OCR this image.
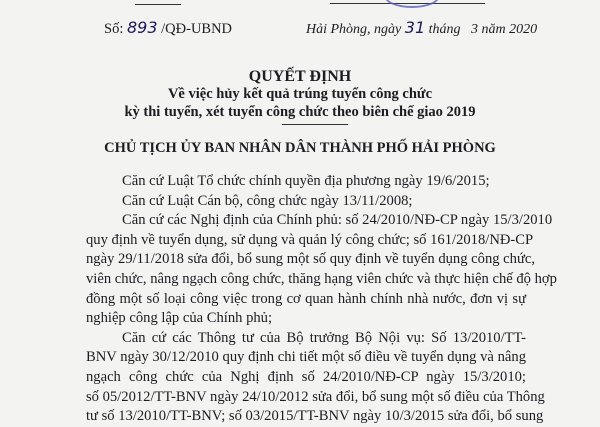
Số: 893 /QĐ-UBND	Hải Phòng, ngày 31 tháng   3 năm 2020
QUYẾT ĐỊNH
Về việc hủy kết quả trúng tuyển công chức
kỳ thi tuyển, xét tuyển công chức theo biên chế giao 2019
CHỦ TỊCH ỦY BAN NHÂN DÂN THÀNH PHỐ HẢI PHÒNG
Căn cứ Luật Tổ chức chính quyền địa phương ngày 19/6/2015;
Căn cứ Luật Cán bộ, công chức ngày 13/11/2008;
Căn cứ các Nghị định của Chính phủ: số 24/2010/NĐ-CP ngày 15/3/2010
quy định về tuyển dụng, sử dụng và quản lý công chức; số 161/2018/NĐ-CP
ngày 29/11/2018 sửa đổi, bổ sung một số quy định về tuyển dụng công chức,
viên chức, nâng ngạch công chức, thăng hạng viên chức và thực hiện chế độ hợp
đồng một số loại công việc trong cơ quan hành chính nhà nước, đơn vị sự
nghiệp công lập của Chính phủ;
Căn cứ các Thông tư của Bộ trưởng Bộ Nội vụ: Số 13/2010/TT-
BNV ngày 30/12/2010 quy định chi tiết một số điều về tuyển dụng và nâng
ngạch công chức của Nghị định số 24/2010/NĐ-CP ngày 15/3/2010;
số 05/2012/TT-BNV ngày 24/10/2012 sửa đổi, bổ sung một số điều của Thông
tư số 13/2010/TT-BNV; số 03/2015/TT-BNV ngày 10/3/2015 sửa đổi, bổ sung
